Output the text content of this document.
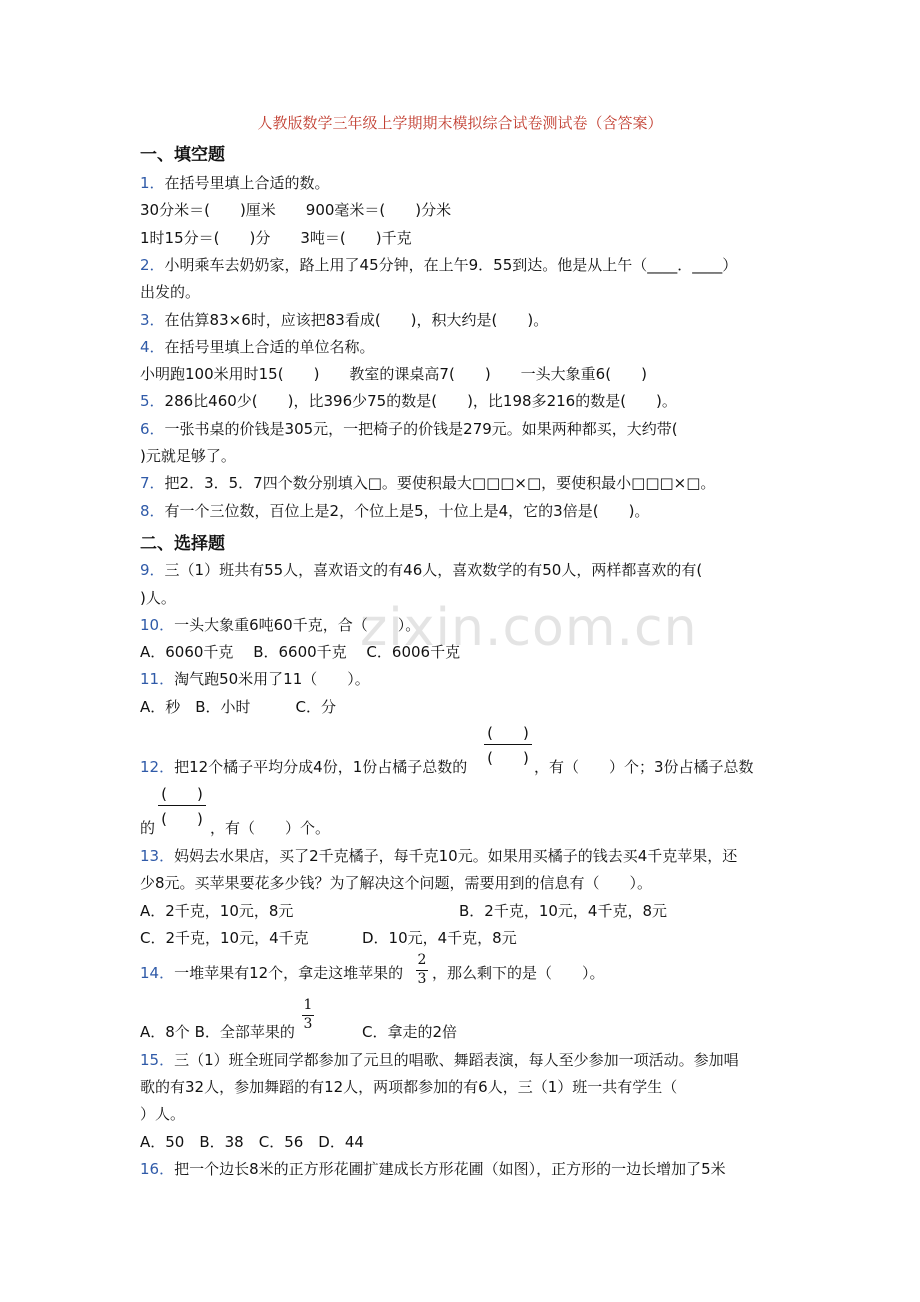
人教版数学三年级上学期期末模拟综合试卷测试卷（含答案）
zixin.com.cn
一、填空题
1．在括号里填上合适的数。
30分米＝(　　)厘米　　900毫米＝(　　)分米
1时15分＝(　　)分　　3吨＝(　　)千克
2．小明乘车去奶奶家，路上用了45分钟，在上午9．55到达。他是从上午（____．____）
出发的。
3．在估算83×6时，应该把83看成(　　)，积大约是(　　)。
4．在括号里填上合适的单位名称。
小明跑100米用时15(　　)　　教室的课桌高7(　　)　　一头大象重6(　　)
5．286比460少(　　)，比396少75的数是(　　)，比198多216的数是(　　)。
6．一张书桌的价钱是305元，一把椅子的价钱是279元。如果两种都买，大约带(
)元就足够了。
7．把2．3．5．7四个数分别填入□。要使积最大□□□×□，要使积最小□□□×□。
8．有一个三位数，百位上是2，个位上是5，十位上是4，它的3倍是(　　)。
二、选择题
9．三（1）班共有55人，喜欢语文的有46人，喜欢数学的有50人，两样都喜欢的有(
)人。
10．一头大象重6吨60千克，合（　　）。
A．6060千克　 B．6600千克　 C．6006千克
11．淘气跑50米用了11（　　）。
A．秒　B．小时　　　C．分
12．把12个橘子平均分成4份，1份占橘子总数的
(　　)
(　　) ，有（　　）个；3份占橘子总数
的
(　　)
(　　) ，有（　　）个。
13．妈妈去水果店，买了2千克橘子，每千克10元。如果用买橘子的钱去买4千克苹果，还
少8元。买苹果要花多少钱？为了解决这个问题，需要用到的信息有（　　）。
A．2千克，10元，8元	B．2千克，10元，4千克，8元
C．2千克，10元，4千克	D．10元，4千克，8元
14．一堆苹果有12个，拿走这堆苹果的
2
3 ，那么剩下的是（　　）。
A．8个 B．全部苹果的
1
3	C．拿走的2倍
15．三（1）班全班同学都参加了元旦的唱歌、舞蹈表演，每人至少参加一项活动。参加唱
歌的有32人，参加舞蹈的有12人，两项都参加的有6人，三（1）班一共有学生（
）人。
A．50　B．38　C．56　D．44
16．把一个边长8米的正方形花圃扩建成长方形花圃（如图），正方形的一边长增加了5米
